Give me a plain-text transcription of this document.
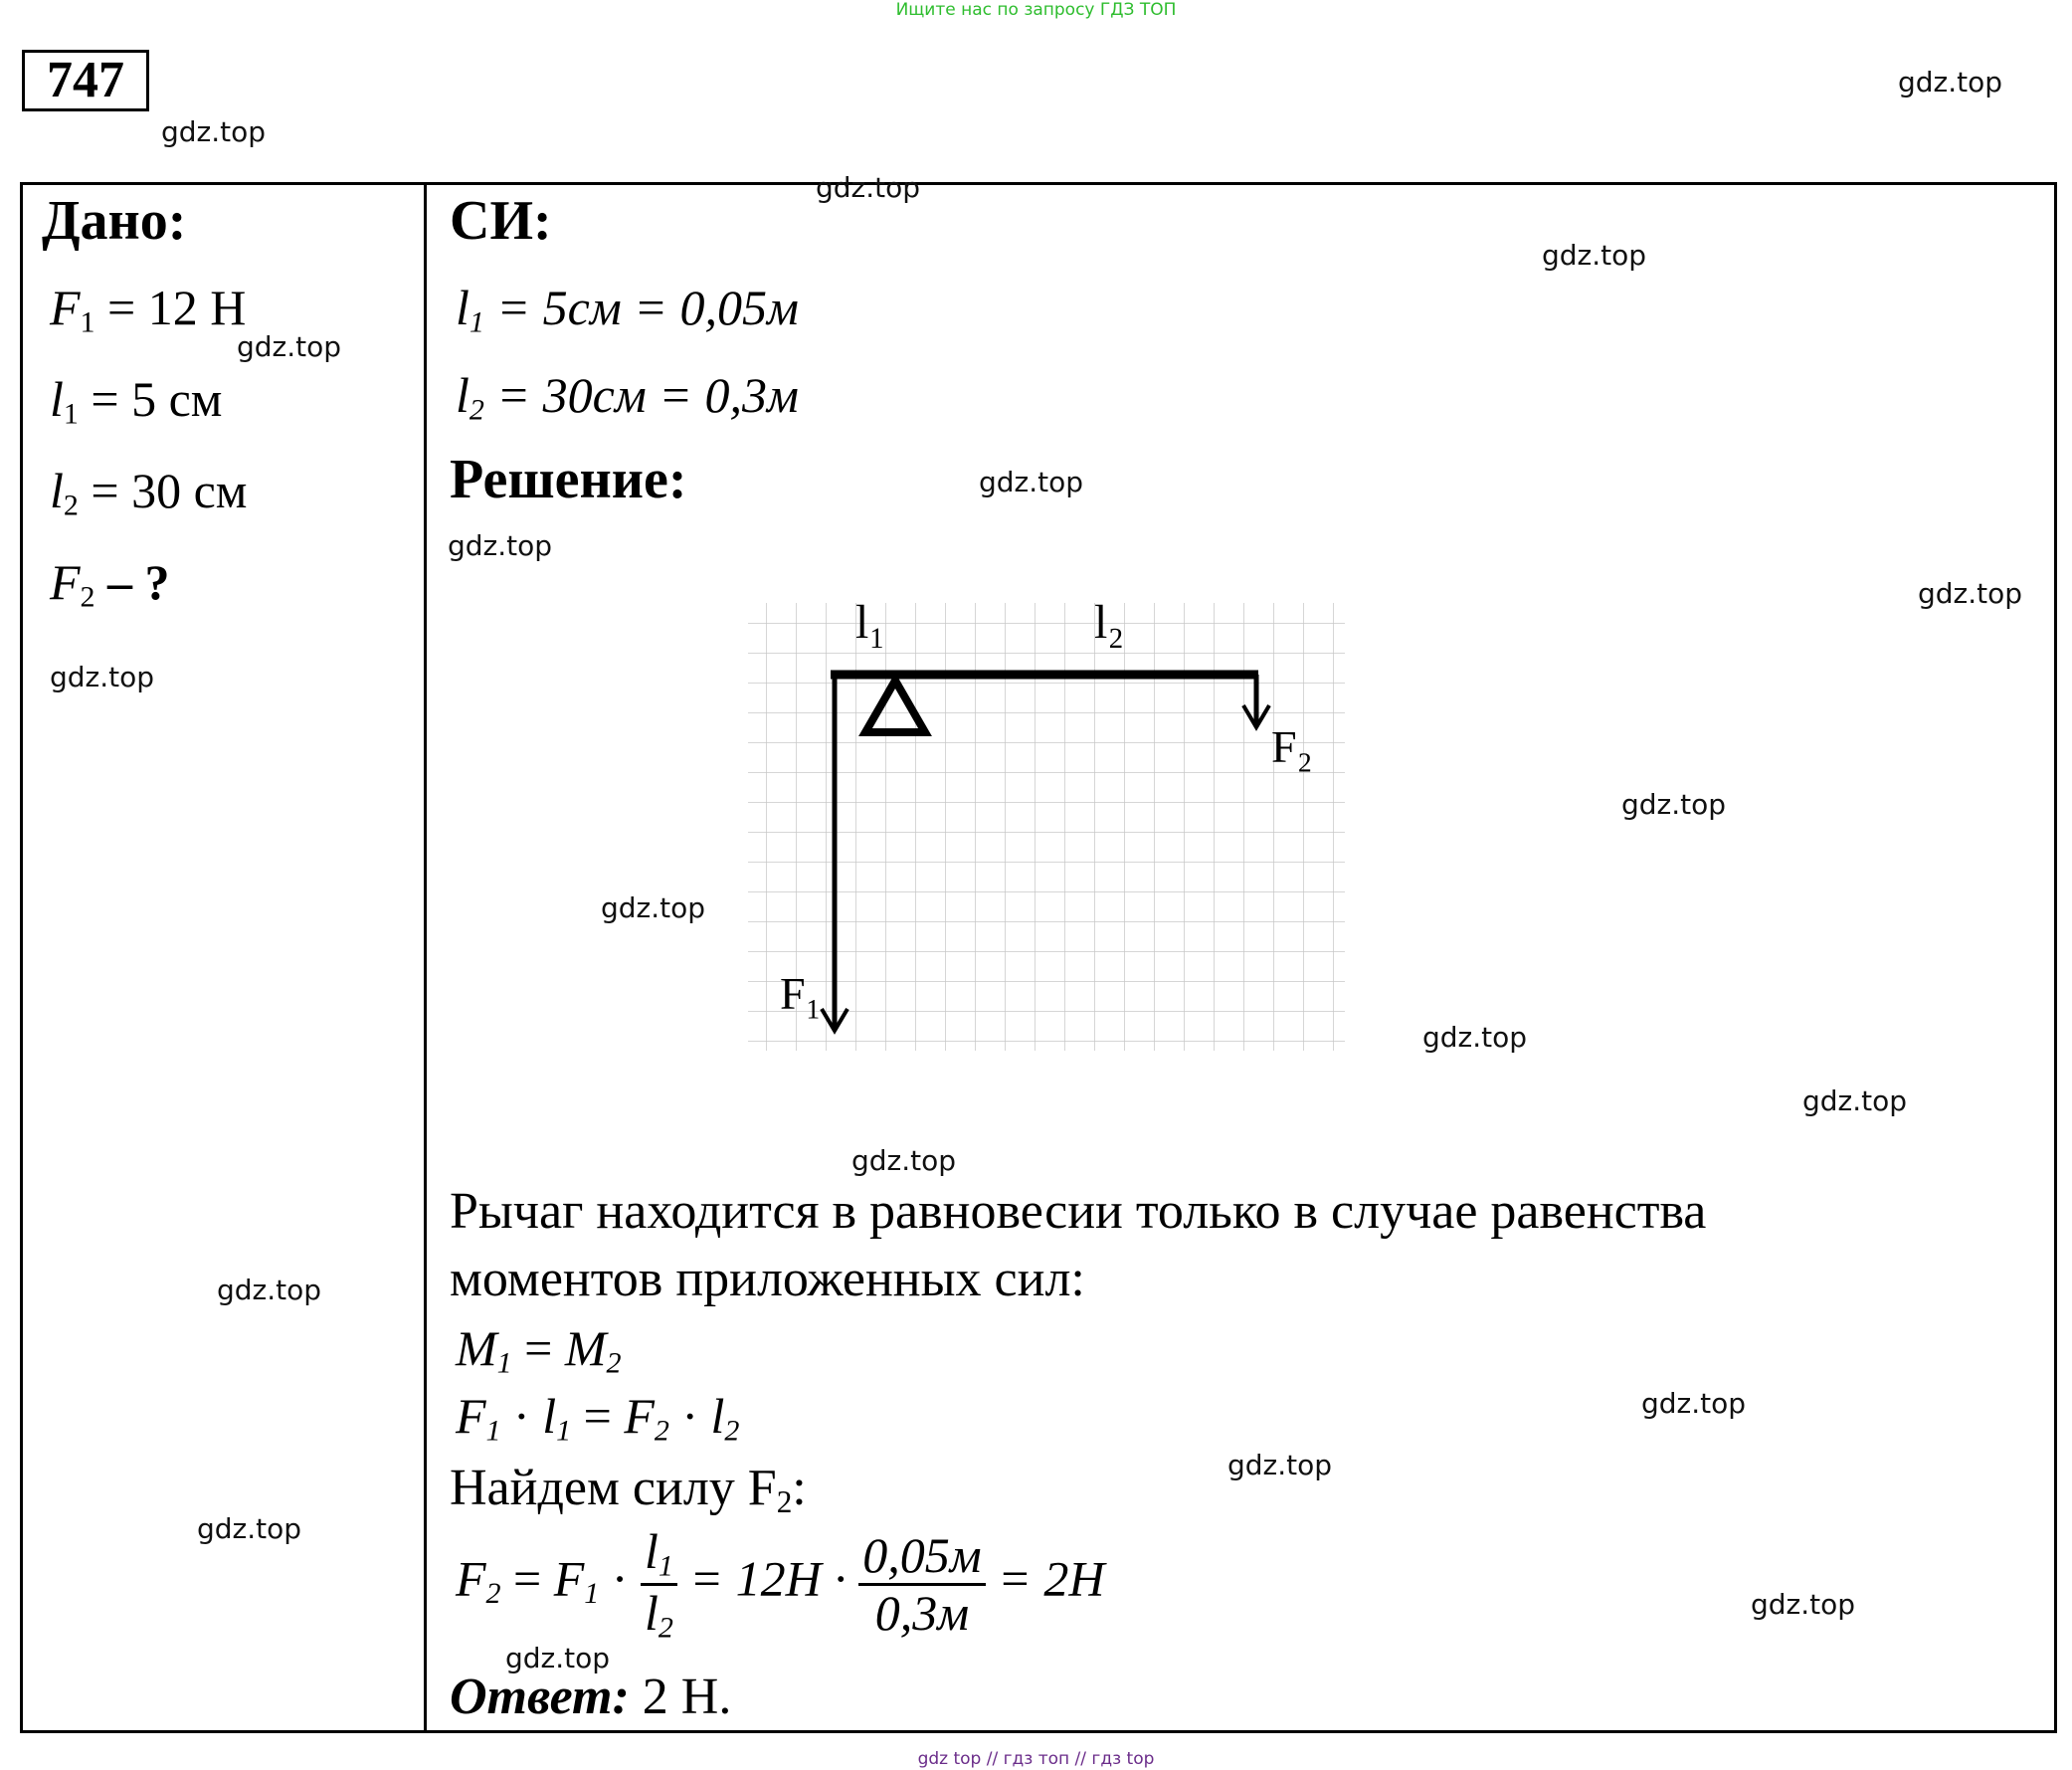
Ищите нас по запросу ГДЗ ТОП
747
Дано:
$F_1 = 12$ Н
$l_1 = 5$ см
$l_2 = 30$ см
$F_2$ – ?
СИ:
$l_1 = 5см = 0,05м$
$l_2 = 30см = 0,3м$
Решение:
l₁	l₂
F₂
F₁
Рычаг находится в равновесии только в случае равенства
моментов приложенных сил:
$M_1 = M_2$
$F_1 \cdot l_1 = F_2 \cdot l_2$
Найдем силу $F_2$:
$F_2 = F_1 \cdot \frac{l_1}{l_2} = 12Н \cdot \frac{0,05м}{0,3м} = 2Н$
Ответ: 2 Н.
gdz.top
gdz.top
gdz.top
gdz.top
gdz.top
gdz.top
gdz.top
gdz.top
gdz.top
gdz.top
gdz.top
gdz.top
gdz.top
gdz.top
gdz.top
gdz.top
gdz.top
gdz.top
gdz.top
gdz.top
gdz top // гдз топ // гдз top
